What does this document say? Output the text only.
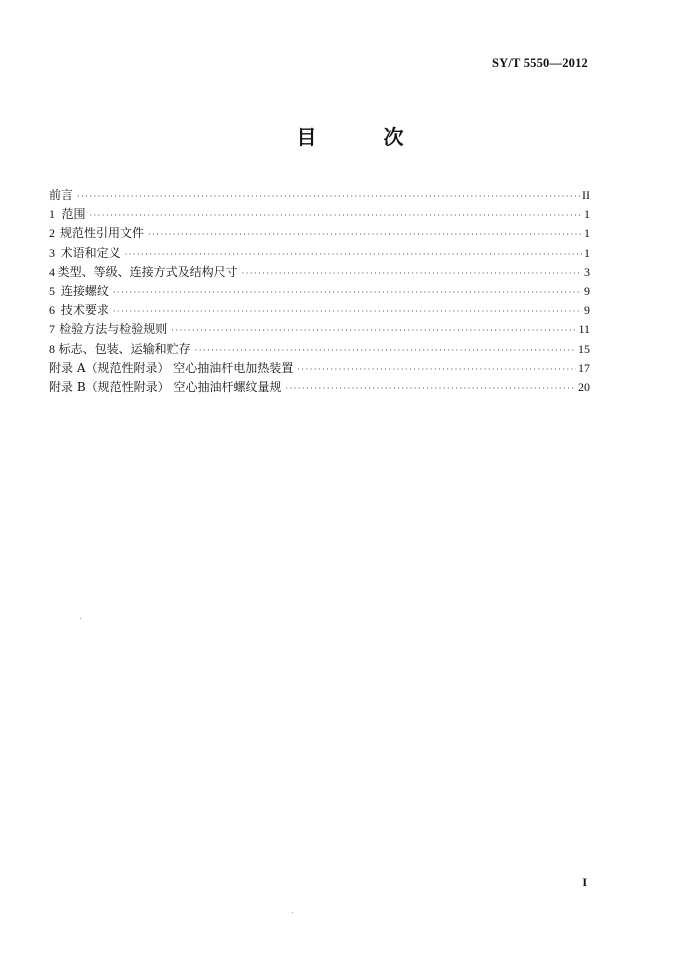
SY/T 5550—2012
目 次
前言 ·····	II
1 范围 ·····	1
2 规范性引用文件 ·····	1
3 术语和定义 ·····	1
4 类型、等级、连接方式及结构尺寸 ·····	3
5 连接螺纹 ·····	9
6 技术要求 ·····	9
7 检验方法与检验规则 ·····	11
8 标志、包装、运输和贮存 ·····	15
附录 A（规范性附录） 空心抽油杆电加热装置 ·····	17
附录 B（规范性附录） 空心抽油杆螺纹量规 ·····	20
I
